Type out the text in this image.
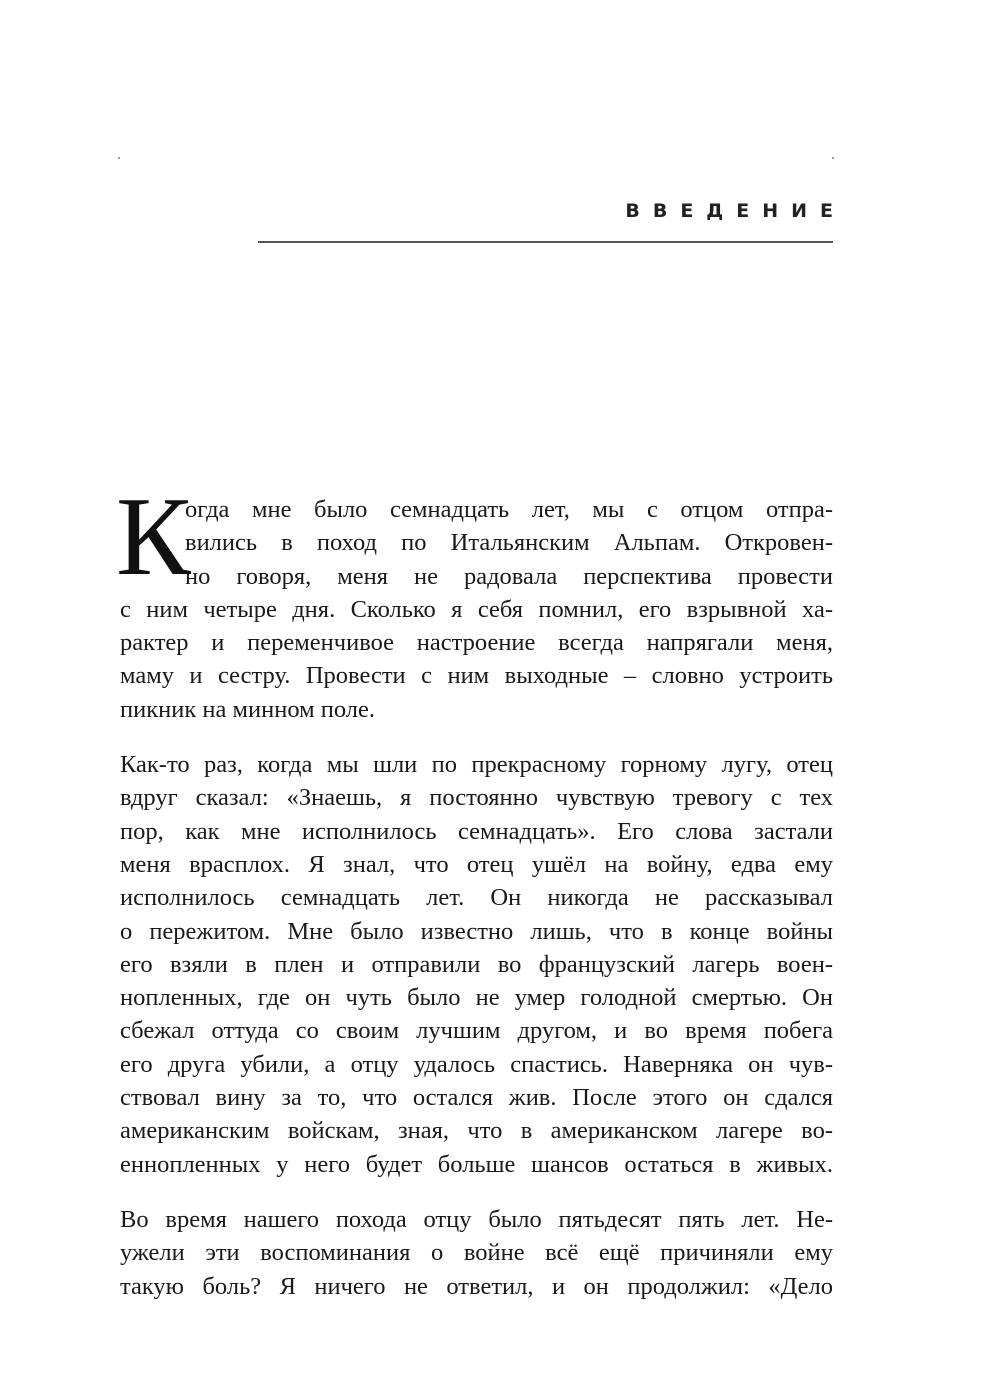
ВВЕДЕНИЕ
К
огда мне было семнадцать лет, мы с отцом отпра-
вились в поход по Итальянским Альпам. Откровен-
но говоря, меня не радовала перспектива провести
с ним четыре дня. Сколько я себя помнил, его взрывной ха-
рактер и переменчивое настроение всегда напрягали меня,
маму и сестру. Провести с ним выходные – словно устроить
пикник на минном поле.
Как-то раз, когда мы шли по прекрасному горному лугу, отец
вдруг сказал: «Знаешь, я постоянно чувствую тревогу с тех
пор, как мне исполнилось семнадцать». Его слова застали
меня врасплох. Я знал, что отец ушёл на войну, едва ему
исполнилось семнадцать лет. Он никогда не рассказывал
о пережитом. Мне было известно лишь, что в конце войны
его взяли в плен и отправили во французский лагерь воен-
нопленных, где он чуть было не умер голодной смертью. Он
сбежал оттуда со своим лучшим другом, и во время побега
его друга убили, а отцу удалось спастись. Наверняка он чув-
ствовал вину за то, что остался жив. После этого он сдался
американским войскам, зная, что в американском лагере во-
еннопленных у него будет больше шансов остаться в живых.
Во время нашего похода отцу было пятьдесят пять лет. Не-
ужели эти воспоминания о войне всё ещё причиняли ему
такую боль? Я ничего не ответил, и он продолжил: «Дело
